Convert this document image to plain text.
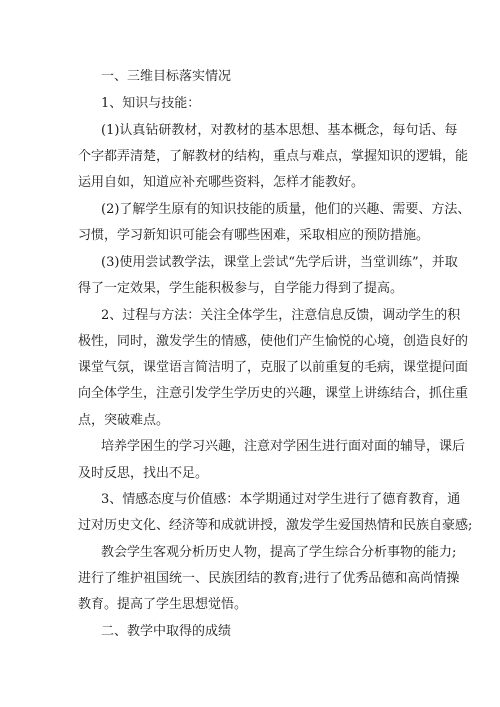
一、三维目标落实情况
1、知识与技能：
(1)认真钻研教材，对教材的基本思想、基本概念，每句话、每
个字都弄清楚，了解教材的结构，重点与难点，掌握知识的逻辑，能
运用自如，知道应补充哪些资料，怎样才能教好。
(2)了解学生原有的知识技能的质量，他们的兴趣、需要、方法、
习惯，学习新知识可能会有哪些困难，采取相应的预防措施。
(3)使用尝试教学法，课堂上尝试“先学后讲，当堂训练”，并取
得了一定效果，学生能积极参与，自学能力得到了提高。
2、过程与方法：关注全体学生，注意信息反馈，调动学生的积
极性，同时，激发学生的情感，使他们产生愉悦的心境，创造良好的
课堂气氛，课堂语言简洁明了，克服了以前重复的毛病，课堂提问面
向全体学生，注意引发学生学历史的兴趣，课堂上讲练结合，抓住重
点，突破难点。
培养学困生的学习兴趣，注意对学困生进行面对面的辅导，课后
及时反思，找出不足。
3、情感态度与价值感：本学期通过对学生进行了德育教育，通
过对历史文化、经济等和成就讲授，激发学生爱国热情和民族自豪感;
教会学生客观分析历史人物，提高了学生综合分析事物的能力;
进行了维护祖国统一、民族团结的教育;进行了优秀品德和高尚情操
教育。提高了学生思想觉悟。
二、教学中取得的成绩
